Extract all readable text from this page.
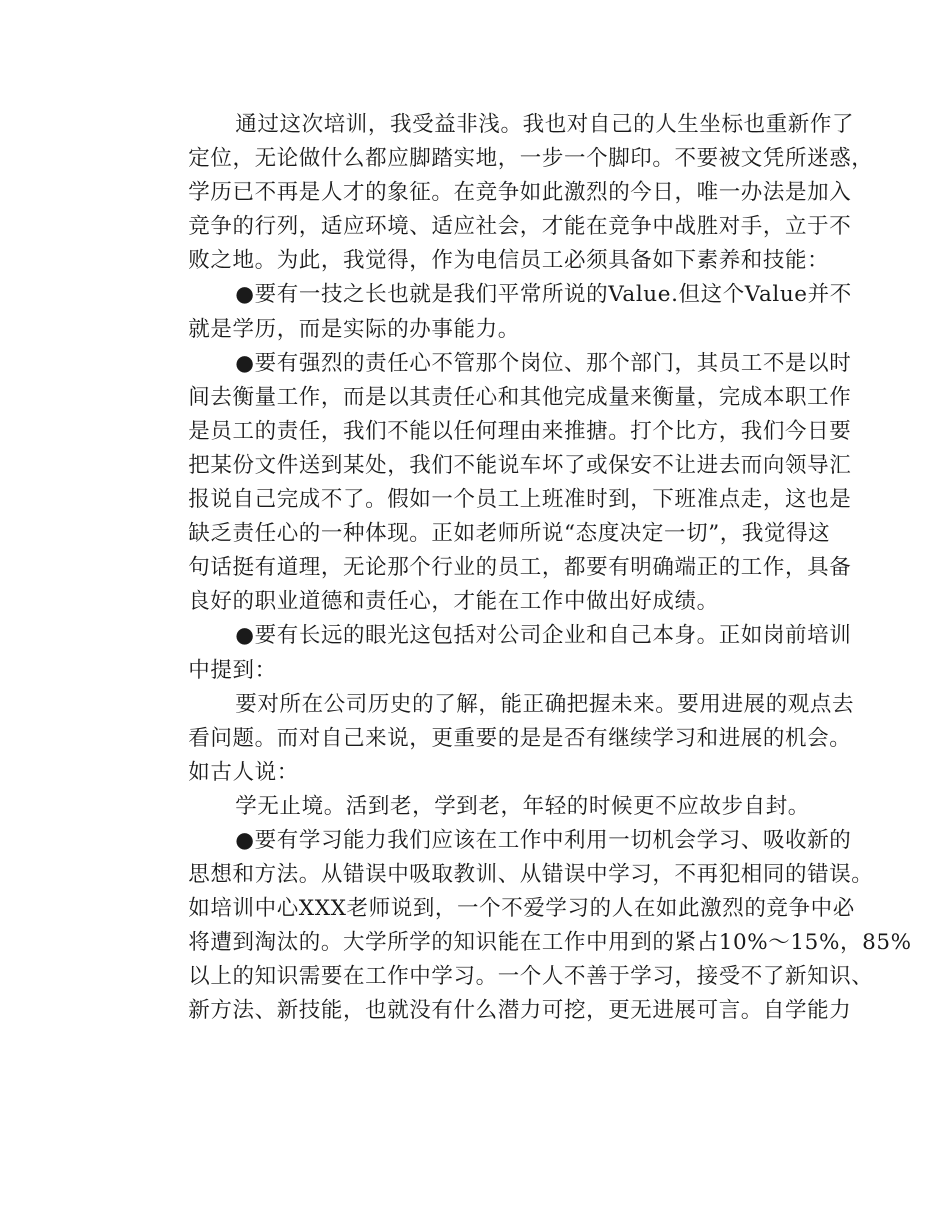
通过这次培训，我受益非浅。我也对自己的人生坐标也重新作了
定位，无论做什么都应脚踏实地，一步一个脚印。不要被文凭所迷惑，
学历已不再是人才的象征。在竞争如此激烈的今日，唯一办法是加入
竞争的行列，适应环境、适应社会，才能在竞争中战胜对手，立于不
败之地。为此，我觉得，作为电信员工必须具备如下素养和技能：
●要有一技之长也就是我们平常所说的Value.但这个Value并不
就是学历，而是实际的办事能力。
●要有强烈的责任心不管那个岗位、那个部门，其员工不是以时
间去衡量工作，而是以其责任心和其他完成量来衡量，完成本职工作
是员工的责任，我们不能以任何理由来推搪。打个比方，我们今日要
把某份文件送到某处，我们不能说车坏了或保安不让进去而向领导汇
报说自己完成不了。假如一个员工上班准时到，下班准点走，这也是
缺乏责任心的一种体现。正如老师所说“态度决定一切”，我觉得这
句话挺有道理，无论那个行业的员工，都要有明确端正的工作，具备
良好的职业道德和责任心，才能在工作中做出好成绩。
●要有长远的眼光这包括对公司企业和自己本身。正如岗前培训
中提到：
要对所在公司历史的了解，能正确把握未来。要用进展的观点去
看问题。而对自己来说，更重要的是是否有继续学习和进展的机会。
如古人说：
学无止境。活到老，学到老，年轻的时候更不应故步自封。
●要有学习能力我们应该在工作中利用一切机会学习、吸收新的
思想和方法。从错误中吸取教训、从错误中学习，不再犯相同的错误。
如培训中心XXX老师说到，一个不爱学习的人在如此激烈的竞争中必
将遭到淘汰的。大学所学的知识能在工作中用到的紧占10%～15%，85%
以上的知识需要在工作中学习。一个人不善于学习，接受不了新知识、
新方法、新技能，也就没有什么潜力可挖，更无进展可言。自学能力
